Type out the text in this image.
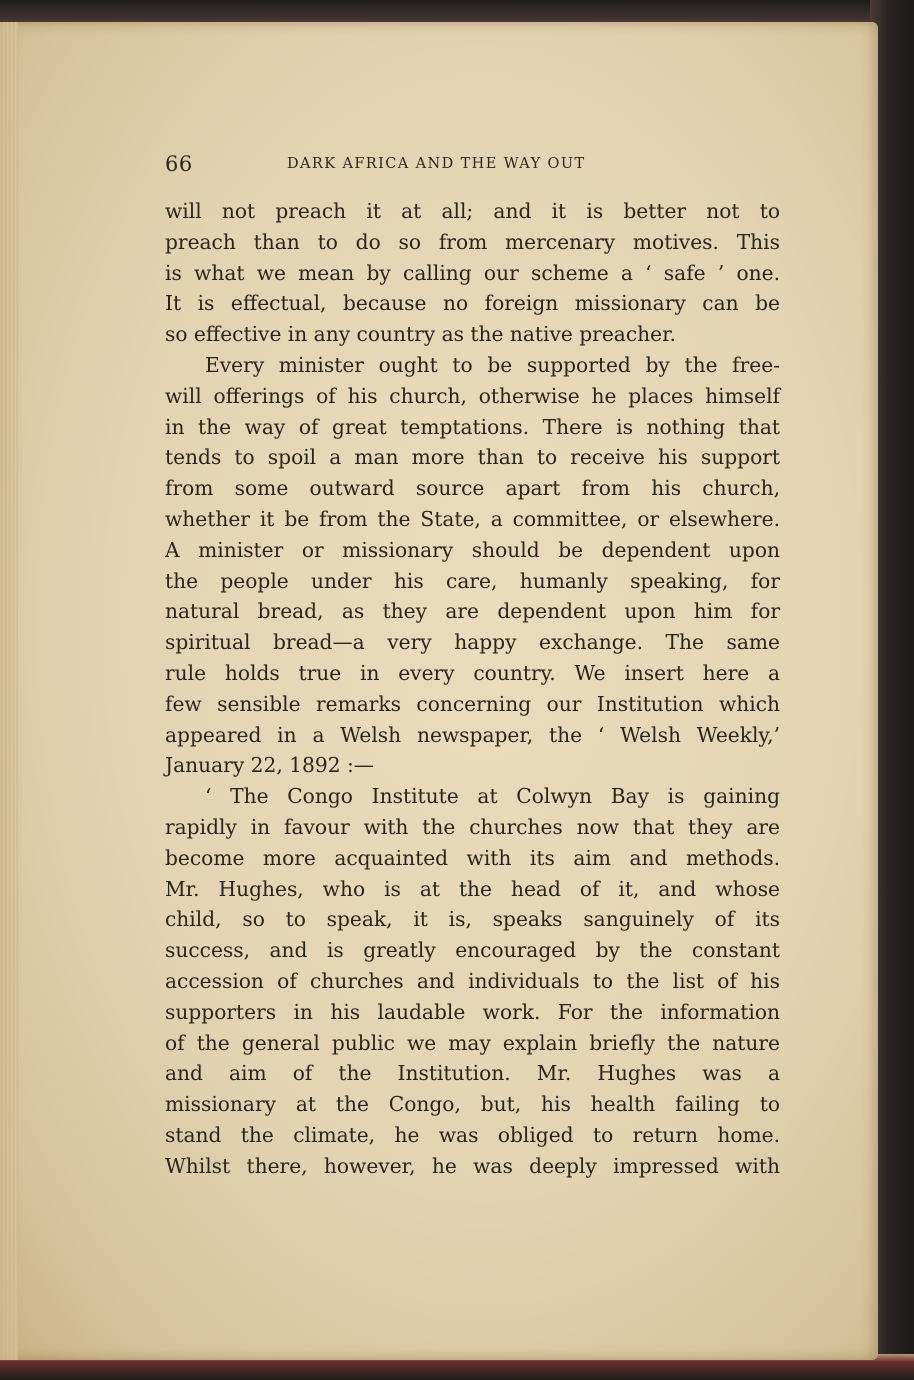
66	DARK AFRICA AND THE WAY OUT
will not preach it at all; and it is better not to
preach than to do so from mercenary motives. This
is what we mean by calling our scheme a ‘ safe ’ one.
It is effectual, because no foreign missionary can be
so effective in any country as the native preacher.
Every minister ought to be supported by the free-
will offerings of his church, otherwise he places himself
in the way of great temptations. There is nothing that
tends to spoil a man more than to receive his support
from some outward source apart from his church,
whether it be from the State, a committee, or elsewhere.
A minister or missionary should be dependent upon
the people under his care, humanly speaking, for
natural bread, as they are dependent upon him for
spiritual bread—a very happy exchange. The same
rule holds true in every country. We insert here a
few sensible remarks concerning our Institution which
appeared in a Welsh newspaper, the ‘ Welsh Weekly,’
January 22, 1892 :—
‘ The Congo Institute at Colwyn Bay is gaining
rapidly in favour with the churches now that they are
become more acquainted with its aim and methods.
Mr. Hughes, who is at the head of it, and whose
child, so to speak, it is, speaks sanguinely of its
success, and is greatly encouraged by the constant
accession of churches and individuals to the list of his
supporters in his laudable work. For the information
of the general public we may explain briefly the nature
and aim of the Institution. Mr. Hughes was a
missionary at the Congo, but, his health failing to
stand the climate, he was obliged to return home.
Whilst there, however, he was deeply impressed with
